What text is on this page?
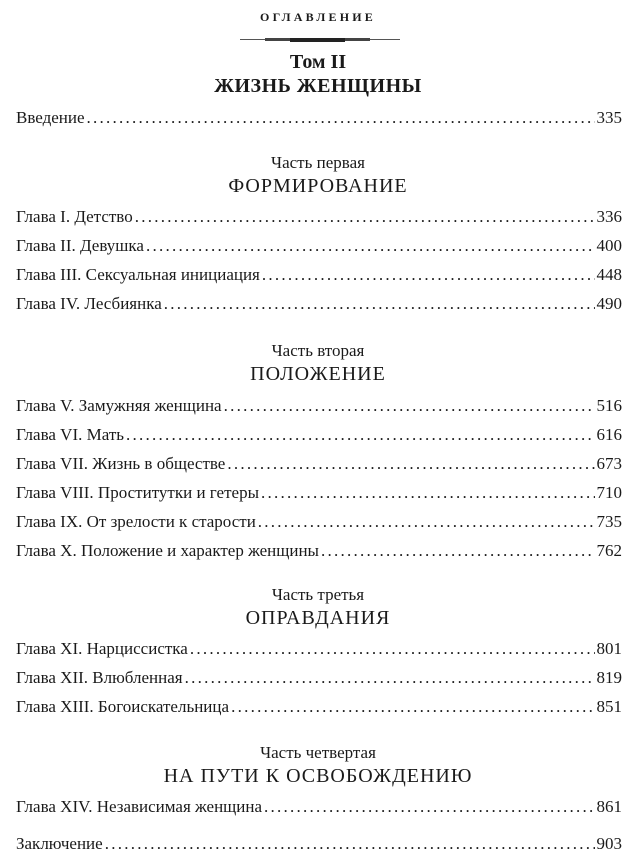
ОГЛАВЛЕНИЕ
Том II
ЖИЗНЬ ЖЕНЩИНЫ
Введение . . .	335
Часть первая
ФОРМИРОВАНИЕ
Глава I. Детство . . .	336
Глава II. Девушка . . .	400
Глава III. Сексуальная инициация . . .	448
Глава IV. Лесбиянка . . .	490
Часть вторая
ПОЛОЖЕНИЕ
Глава V. Замужняя женщина . . .	516
Глава VI. Мать . . .	616
Глава VII. Жизнь в обществе . . .	673
Глава VIII. Проститутки и гетеры . . .	710
Глава IX. От зрелости к старости . . .	735
Глава X. Положение и характер женщины . . .	762
Часть третья
ОПРАВДАНИЯ
Глава XI. Нарциссистка . . .	801
Глава XII. Влюбленная . . .	819
Глава XIII. Богоискательница . . .	851
Часть четвертая
НА ПУТИ К ОСВОБОЖДЕНИЮ
Глава XIV. Независимая женщина . . .	861
Заключение . . .	903
